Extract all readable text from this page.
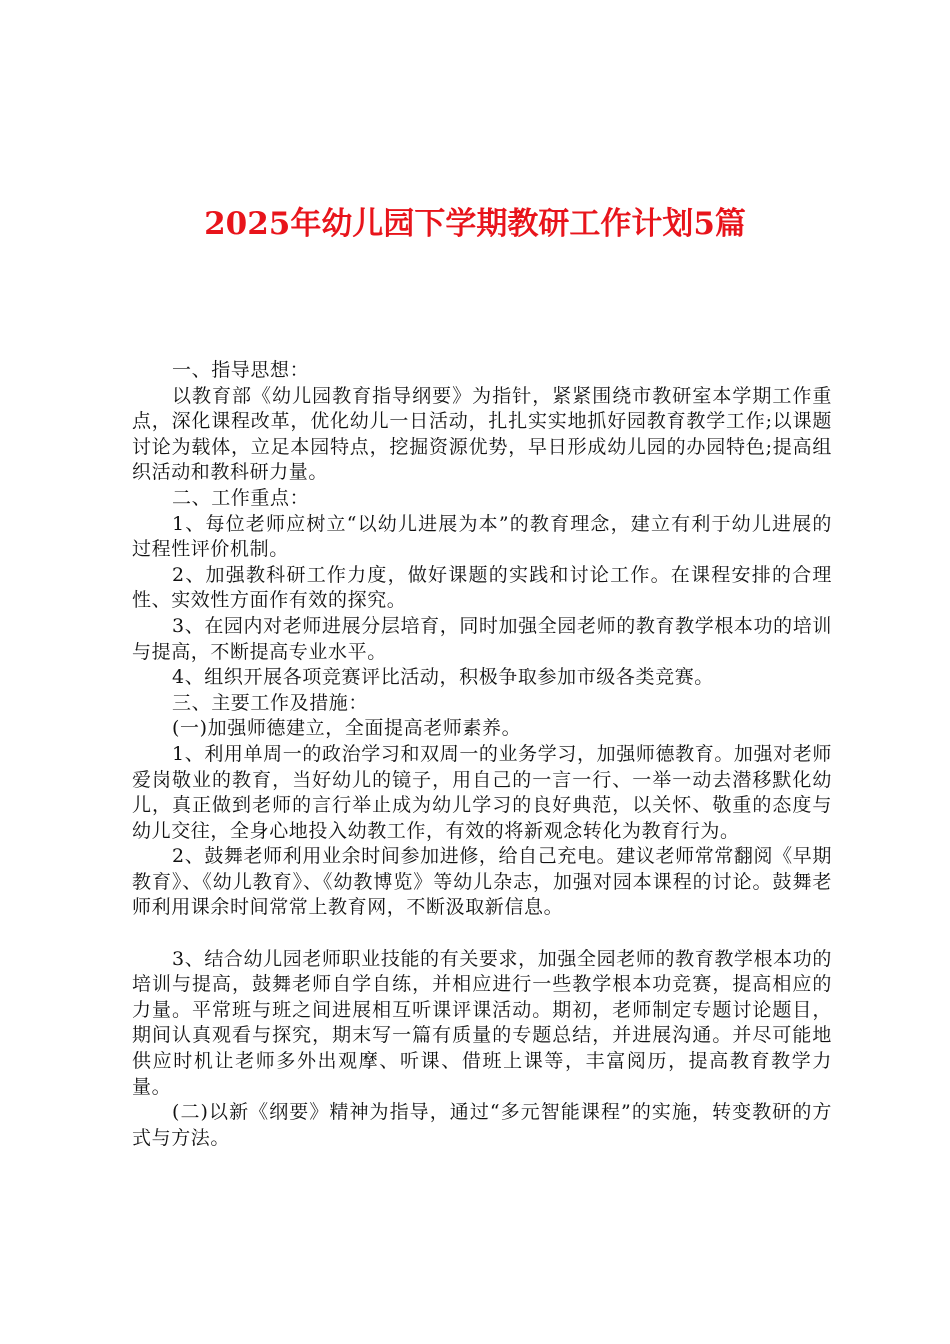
2025年幼儿园下学期教研工作计划5篇

一、指导思想：

以教育部《幼儿园教育指导纲要》为指针，紧紧围绕市教研室本学期工作重点，深化课程改革，优化幼儿一日活动，扎扎实实地抓好园教育教学工作;以课题讨论为载体，立足本园特点，挖掘资源优势，早日形成幼儿园的办园特色;提高组织活动和教科研力量。

二、工作重点：

1、每位老师应树立“以幼儿进展为本”的教育理念，建立有利于幼儿进展的过程性评价机制。

2、加强教科研工作力度，做好课题的实践和讨论工作。在课程安排的合理性、实效性方面作有效的探究。

3、在园内对老师进展分层培育，同时加强全园老师的教育教学根本功的培训与提高，不断提高专业水平。

4、组织开展各项竞赛评比活动，积极争取参加市级各类竞赛。

三、主要工作及措施：

(一)加强师德建立，全面提高老师素养。

1、利用单周一的政治学习和双周一的业务学习，加强师德教育。加强对老师爱岗敬业的教育，当好幼儿的镜子，用自己的一言一行、一举一动去潜移默化幼儿，真正做到老师的言行举止成为幼儿学习的良好典范，以关怀、敬重的态度与幼儿交往，全身心地投入幼教工作，有效的将新观念转化为教育行为。

2、鼓舞老师利用业余时间参加进修，给自己充电。建议老师常常翻阅《早期教育》、《幼儿教育》、《幼教博览》等幼儿杂志，加强对园本课程的讨论。鼓舞老师利用课余时间常常上教育网，不断汲取新信息。

3、结合幼儿园老师职业技能的有关要求，加强全园老师的教育教学根本功的培训与提高，鼓舞老师自学自练，并相应进行一些教学根本功竞赛，提高相应的力量。平常班与班之间进展相互听课评课活动。期初，老师制定专题讨论题目，期间认真观看与探究，期末写一篇有质量的专题总结，并进展沟通。并尽可能地供应时机让老师多外出观摩、听课、借班上课等，丰富阅历，提高教育教学力量。

(二)以新《纲要》精神为指导，通过“多元智能课程”的实施，转变教研的方式与方法。
